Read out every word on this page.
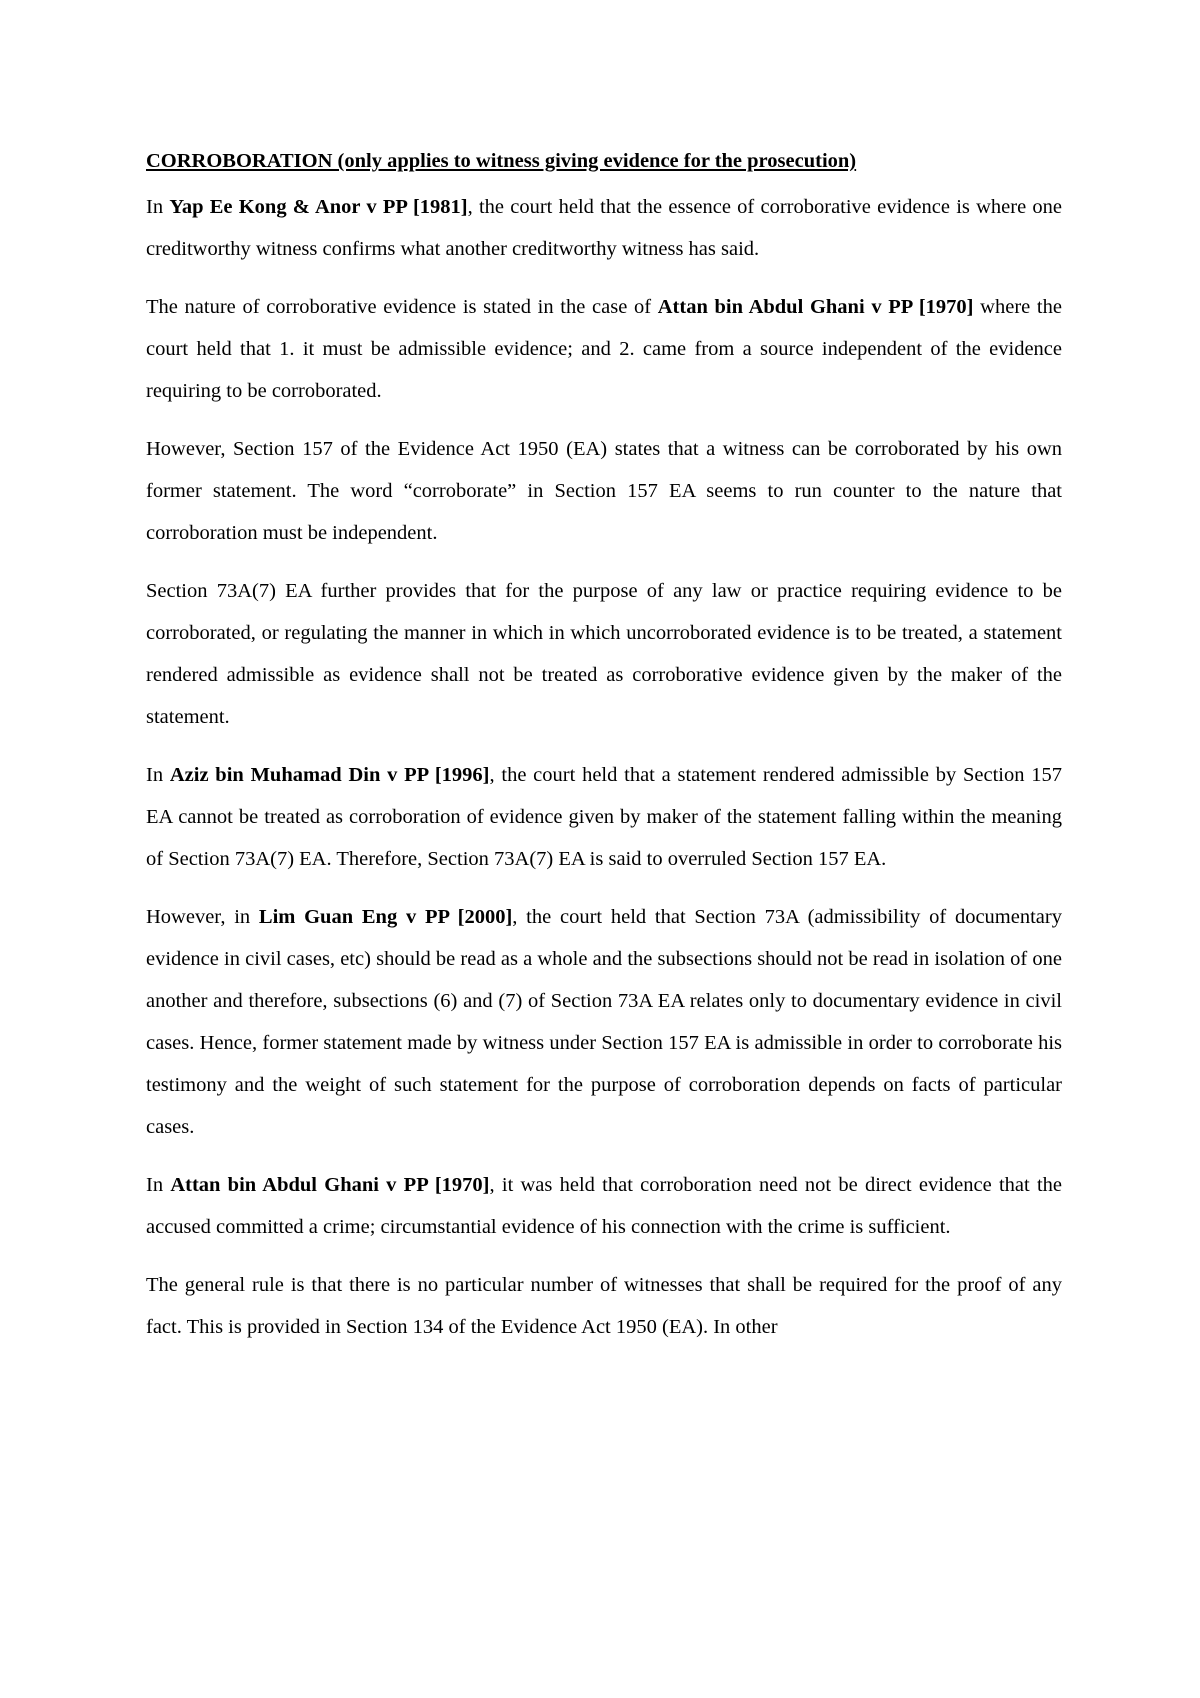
CORROBORATION (only applies to witness giving evidence for the prosecution)

In Yap Ee Kong & Anor v PP [1981], the court held that the essence of corroborative evidence is where one creditworthy witness confirms what another creditworthy witness has said.

The nature of corroborative evidence is stated in the case of Attan bin Abdul Ghani v PP [1970] where the court held that 1. it must be admissible evidence; and 2. came from a source independent of the evidence requiring to be corroborated.

However, Section 157 of the Evidence Act 1950 (EA) states that a witness can be corroborated by his own former statement. The word “corroborate” in Section 157 EA seems to run counter to the nature that corroboration must be independent.

Section 73A(7) EA further provides that for the purpose of any law or practice requiring evidence to be corroborated, or regulating the manner in which in which uncorroborated evidence is to be treated, a statement rendered admissible as evidence shall not be treated as corroborative evidence given by the maker of the statement.

In Aziz bin Muhamad Din v PP [1996], the court held that a statement rendered admissible by Section 157 EA cannot be treated as corroboration of evidence given by maker of the statement falling within the meaning of Section 73A(7) EA. Therefore, Section 73A(7) EA is said to overruled Section 157 EA.

However, in Lim Guan Eng v PP [2000], the court held that Section 73A (admissibility of documentary evidence in civil cases, etc) should be read as a whole and the subsections should not be read in isolation of one another and therefore, subsections (6) and (7) of Section 73A EA relates only to documentary evidence in civil cases. Hence, former statement made by witness under Section 157 EA is admissible in order to corroborate his testimony and the weight of such statement for the purpose of corroboration depends on facts of particular cases.

In Attan bin Abdul Ghani v PP [1970], it was held that corroboration need not be direct evidence that the accused committed a crime; circumstantial evidence of his connection with the crime is sufficient.

The general rule is that there is no particular number of witnesses that shall be required for the proof of any fact. This is provided in Section 134 of the Evidence Act 1950 (EA). In other
